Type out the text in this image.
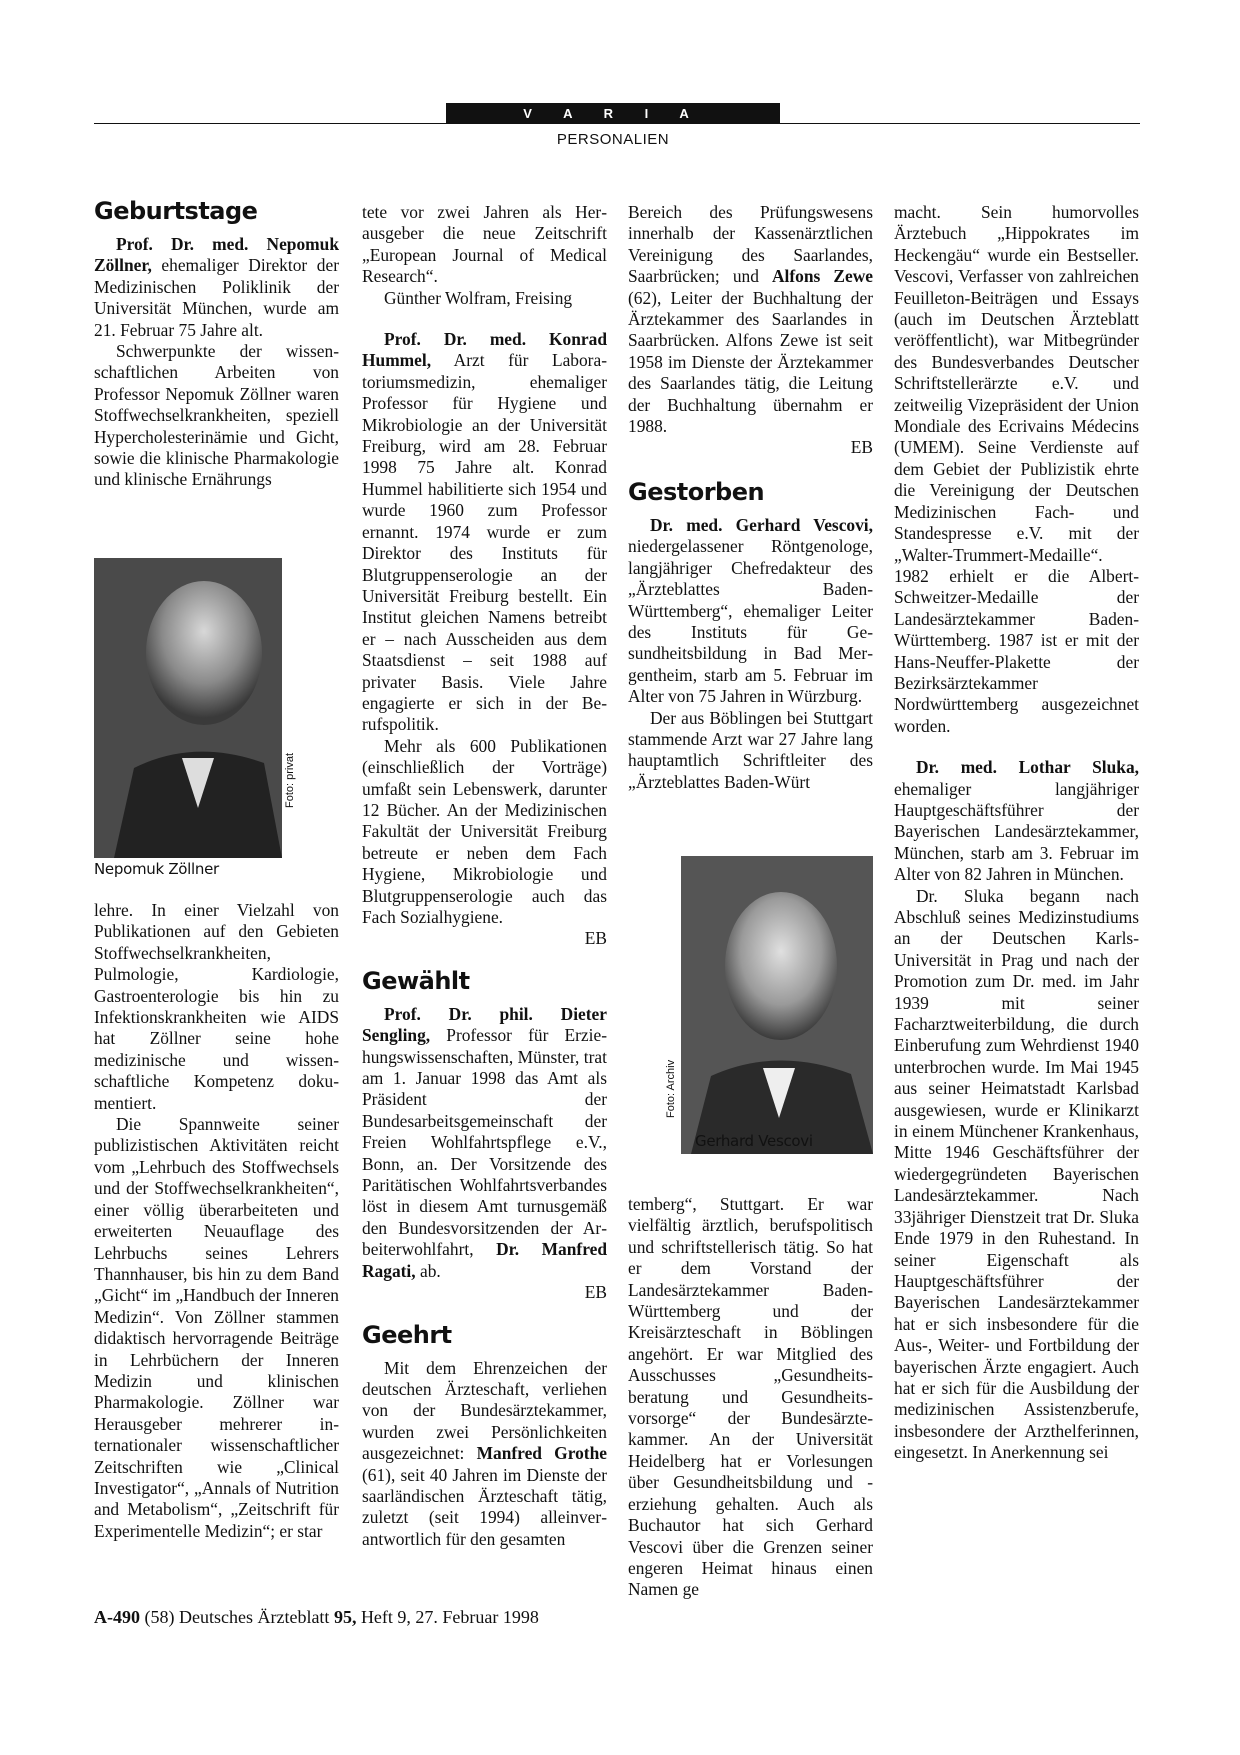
V A R I A
PERSONALIEN
Geburtstage

Prof. Dr. med. Nepomuk Zöllner, ehemaliger Direktor der Medizinischen Poliklinik der Universität München, wurde am 21. Februar 75 Jahre alt.

Schwerpunkte der wissenschaftlichen Arbeiten von Professor Nepomuk Zöllner waren Stoffwechselkrankheiten, speziell Hypercholesterinämie und Gicht, sowie die klinische Pharmakologie und klinische Ernährungs

Foto: privat
Nepomuk Zöllner

lehre. In einer Vielzahl von Publikationen auf den Gebieten Stoffwechselkrankheiten, Pulmologie, Kardiologie, Gastroenterologie bis hin zu Infektionskrankheiten wie AIDS hat Zöllner seine hohe medizinische und wissenschaftliche Kompetenz dokumentiert.

Die Spannweite seiner publizistischen Aktivitäten reicht vom „Lehrbuch des Stoffwechsels und der Stoffwechselkrankheiten“, einer völlig überarbeiteten und erweiterten Neuauflage des Lehrbuchs seines Lehrers Thannhauser, bis hin zu dem Band „Gicht“ im „Handbuch der Inneren Medizin“. Von Zöllner stammen didaktisch hervorragende Beiträge in Lehrbüchern der Inneren Medizin und klinischen Pharmakologie. Zöllner war Herausgeber mehrerer internationaler wissenschaftlicher Zeitschriften wie „Clinical Investigator“, „Annals of Nutrition and Metabolism“, „Zeitschrift für Experimentelle Medizin“; er star

tete vor zwei Jahren als Herausgeber die neue Zeitschrift „European Journal of Medical Research“.

Günther Wolfram, Freising

Prof. Dr. med. Konrad Hummel, Arzt für Laboratoriumsmedizin, ehemaliger Professor für Hygiene und Mikrobiologie an der Universität Freiburg, wird am 28. Februar 1998 75 Jahre alt. Konrad Hummel habilitierte sich 1954 und wurde 1960 zum Professor ernannt. 1974 wurde er zum Direktor des Instituts für Blutgruppenserologie an der Universität Freiburg bestellt. Ein Institut gleichen Namens betreibt er – nach Ausscheiden aus dem Staatsdienst – seit 1988 auf privater Basis. Viele Jahre engagierte er sich in der Berufspolitik.

Mehr als 600 Publikationen (einschließlich der Vorträge) umfaßt sein Lebenswerk, darunter 12 Bücher. An der Medizinischen Fakultät der Universität Freiburg betreute er neben dem Fach Hygiene, Mikrobiologie und Blutgruppenserologie auch das Fach Sozialhygiene.

EB

Gewählt

Prof. Dr. phil. Dieter Sengling, Professor für Erziehungswissenschaften, Münster, trat am 1. Januar 1998 das Amt als Präsident der Bundesarbeitsgemeinschaft der Freien Wohlfahrtspflege e.V., Bonn, an. Der Vorsitzende des Paritätischen Wohlfahrtsverbandes löst in diesem Amt turnusgemäß den Bundesvorsitzenden der Arbeiterwohlfahrt, Dr. Manfred Ragati, ab.

EB

Geehrt

Mit dem Ehrenzeichen der deutschen Ärzteschaft, verliehen von der Bundesärztekammer, wurden zwei Persönlichkeiten ausgezeichnet: Manfred Grothe (61), seit 40 Jahren im Dienste der saarländischen Ärzteschaft tätig, zuletzt (seit 1994) alleinverantwortlich für den gesamten

Bereich des Prüfungswesens innerhalb der Kassenärztlichen Vereinigung des Saarlandes, Saarbrücken; und Alfons Zewe (62), Leiter der Buchhaltung der Ärztekammer des Saarlandes in Saarbrücken. Alfons Zewe ist seit 1958 im Dienste der Ärztekammer des Saarlandes tätig, die Leitung der Buchhaltung übernahm er 1988.

EB

Gestorben

Dr. med. Gerhard Vescovi, niedergelassener Röntgenologe, langjähriger Chefredakteur des „Ärzteblattes Baden-Württemberg“, ehemaliger Leiter des Instituts für Gesundheitsbildung in Bad Mergentheim, starb am 5. Februar im Alter von 75 Jahren in Würzburg.

Der aus Böblingen bei Stuttgart stammende Arzt war 27 Jahre lang hauptamtlich Schriftleiter des „Ärzteblattes Baden-Würt

Foto: Archiv
Gerhard Vescovi

temberg“, Stuttgart. Er war vielfältig ärztlich, berufspolitisch und schriftstellerisch tätig. So hat er dem Vorstand der Landesärztekammer Baden-Württemberg und der Kreisärzteschaft in Böblingen angehört. Er war Mitglied des Ausschusses „Gesundheitsberatung und Gesundheitsvorsorge“ der Bundesärztekammer. An der Universität Heidelberg hat er Vorlesungen über Gesundheitsbildung und -erziehung gehalten. Auch als Buchautor hat sich Gerhard Vescovi über die Grenzen seiner engeren Heimat hinaus einen Namen ge

macht. Sein humorvolles Ärztebuch „Hippokrates im Heckengäu“ wurde ein Bestseller. Vescovi, Verfasser von zahlreichen Feuilleton-Beiträgen und Essays (auch im Deutschen Ärzteblatt veröffentlicht), war Mitbegründer des Bundesverbandes Deutscher Schriftstellerärzte e.V. und zeitweilig Vizepräsident der Union Mondiale des Ecrivains Médecins (UMEM). Seine Verdienste auf dem Gebiet der Publizistik ehrte die Vereinigung der Deutschen Medizinischen Fach- und Standespresse e.V. mit der „Walter-Trummert-Medaille“. 1982 erhielt er die Albert-Schweitzer-Medaille der Landesärztekammer Baden-Württemberg. 1987 ist er mit der Hans-Neuffer-Plakette der Bezirksärztekammer Nordwürttemberg ausgezeichnet worden.

Dr. med. Lothar Sluka, ehemaliger langjähriger Hauptgeschäftsführer der Bayerischen Landesärztekammer, München, starb am 3. Februar im Alter von 82 Jahren in München.

Dr. Sluka begann nach Abschluß seines Medizinstudiums an der Deutschen Karls-Universität in Prag und nach der Promotion zum Dr. med. im Jahr 1939 mit seiner Facharztweiterbildung, die durch Einberufung zum Wehrdienst 1940 unterbrochen wurde. Im Mai 1945 aus seiner Heimatstadt Karlsbad ausgewiesen, wurde er Klinikarzt in einem Münchener Krankenhaus, Mitte 1946 Geschäftsführer der wiedergegründeten Bayerischen Landesärztekammer. Nach 33jähriger Dienstzeit trat Dr. Sluka Ende 1979 in den Ruhestand. In seiner Eigenschaft als Hauptgeschäftsführer der Bayerischen Landesärztekammer hat er sich insbesondere für die Aus-, Weiter- und Fortbildung der bayerischen Ärzte engagiert. Auch hat er sich für die Ausbildung der medizinischen Assistenzberufe, insbesondere der Arzthelferinnen, eingesetzt. In Anerkennung sei

A-490 (58) Deutsches Ärzteblatt 95, Heft 9, 27. Februar 1998
